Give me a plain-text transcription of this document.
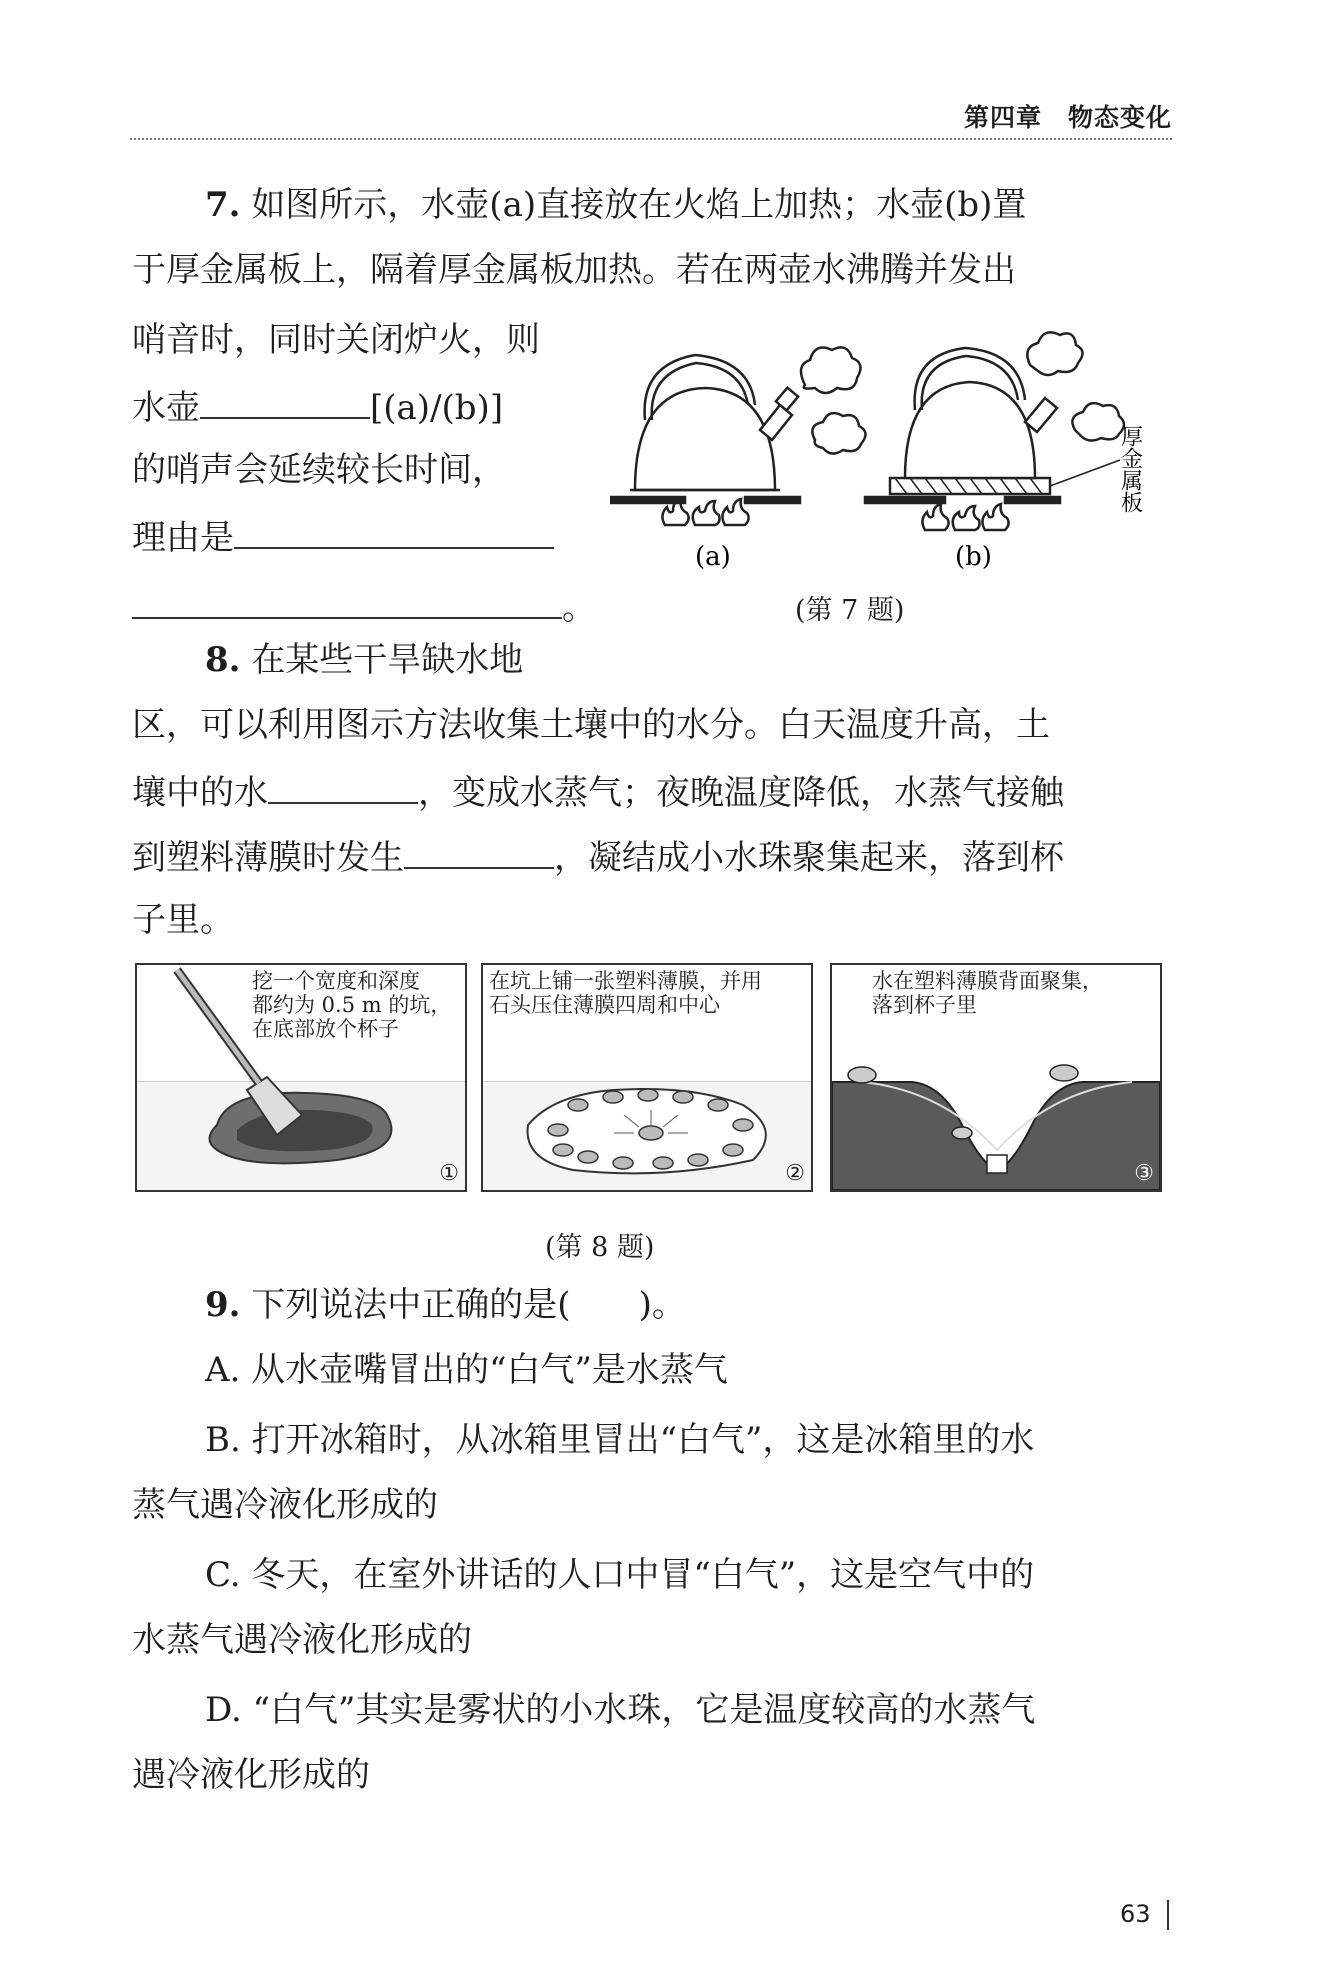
第四章　物态变化
7. 如图所示，水壶(a)直接放在火焰上加热；水壶(b)置
于厚金属板上，隔着厚金属板加热。若在两壶水沸腾并发出
哨音时，同时关闭炉火，则
水壶	[(a)/(b)]
的哨声会延续较长时间，
理由是
。
(a)	(b)
厚金属板
(第 7 题)
8. 在某些干旱缺水地
区，可以利用图示方法收集土壤中的水分。白天温度升高，土
壤中的水	，变成水蒸气；夜晚温度降低，水蒸气接触
到塑料薄膜时发生	，凝结成小水珠聚集起来，落到杯
子里。
挖一个宽度和深度
都约为 0.5 m 的坑，
在底部放个杯子
①
在坑上铺一张塑料薄膜，并用
石头压住薄膜四周和中心
②
水在塑料薄膜背面聚集，
落到杯子里
③
(第 8 题)
9. 下列说法中正确的是(　　)。
A. 从水壶嘴冒出的“白气”是水蒸气
B. 打开冰箱时，从冰箱里冒出“白气”，这是冰箱里的水
蒸气遇冷液化形成的
C. 冬天，在室外讲话的人口中冒“白气”，这是空气中的
水蒸气遇冷液化形成的
D. “白气”其实是雾状的小水珠，它是温度较高的水蒸气
遇冷液化形成的
63
